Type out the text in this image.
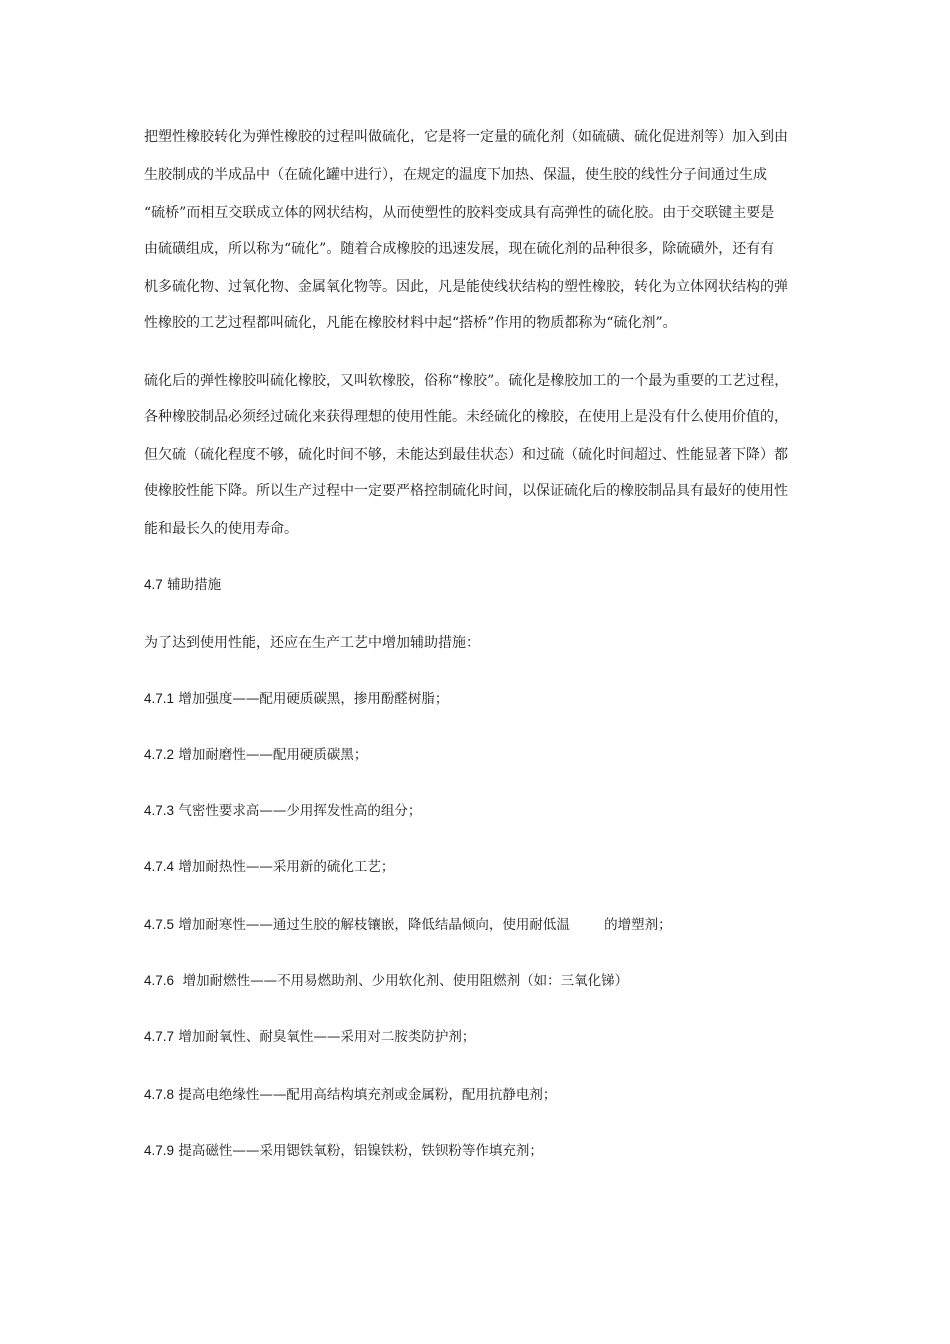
把塑性橡胶转化为弹性橡胶的过程叫做硫化，它是将一定量的硫化剂（如硫磺、硫化促进剂等）加入到由
生胶制成的半成品中（在硫化罐中进行），在规定的温度下加热、保温，使生胶的线性分子间通过生成
“硫桥”而相互交联成立体的网状结构，从而使塑性的胶料变成具有高弹性的硫化胶。由于交联键主要是
由硫磺组成，所以称为“硫化”。随着合成橡胶的迅速发展，现在硫化剂的品种很多，除硫磺外，还有有
机多硫化物、过氧化物、金属氧化物等。因此，凡是能使线状结构的塑性橡胶，转化为立体网状结构的弹
性橡胶的工艺过程都叫硫化，凡能在橡胶材料中起“搭桥”作用的物质都称为“硫化剂”。
硫化后的弹性橡胶叫硫化橡胶，又叫软橡胶，俗称“橡胶”。硫化是橡胶加工的一个最为重要的工艺过程，
各种橡胶制品必须经过硫化来获得理想的使用性能。未经硫化的橡胶，在使用上是没有什么使用价值的，
但欠硫（硫化程度不够，硫化时间不够，未能达到最佳状态）和过硫（硫化时间超过、性能显著下降）都
使橡胶性能下降。所以生产过程中一定要严格控制硫化时间，以保证硫化后的橡胶制品具有最好的使用性
能和最长久的使用寿命。
4.7 辅助措施
为了达到使用性能，还应在生产工艺中增加辅助措施：
4.7.1 增加强度——配用硬质碳黑，掺用酚醛树脂；
4.7.2 增加耐磨性——配用硬质碳黑；
4.7.3 气密性要求高——少用挥发性高的组分；
4.7.4 增加耐热性——采用新的硫化工艺；
4.7.5 增加耐寒性——通过生胶的解枝镶嵌，降低结晶倾向，使用耐低温        的增塑剂；
4.7.6  增加耐燃性——不用易燃助剂、少用软化剂、使用阻燃剂（如：三氧化锑）
4.7.7 增加耐氧性、耐臭氧性——采用对二胺类防护剂；
4.7.8 提高电绝缘性——配用高结构填充剂或金属粉，配用抗静电剂；
4.7.9 提高磁性——采用锶铁氧粉，铝镍铁粉，铁钡粉等作填充剂；
